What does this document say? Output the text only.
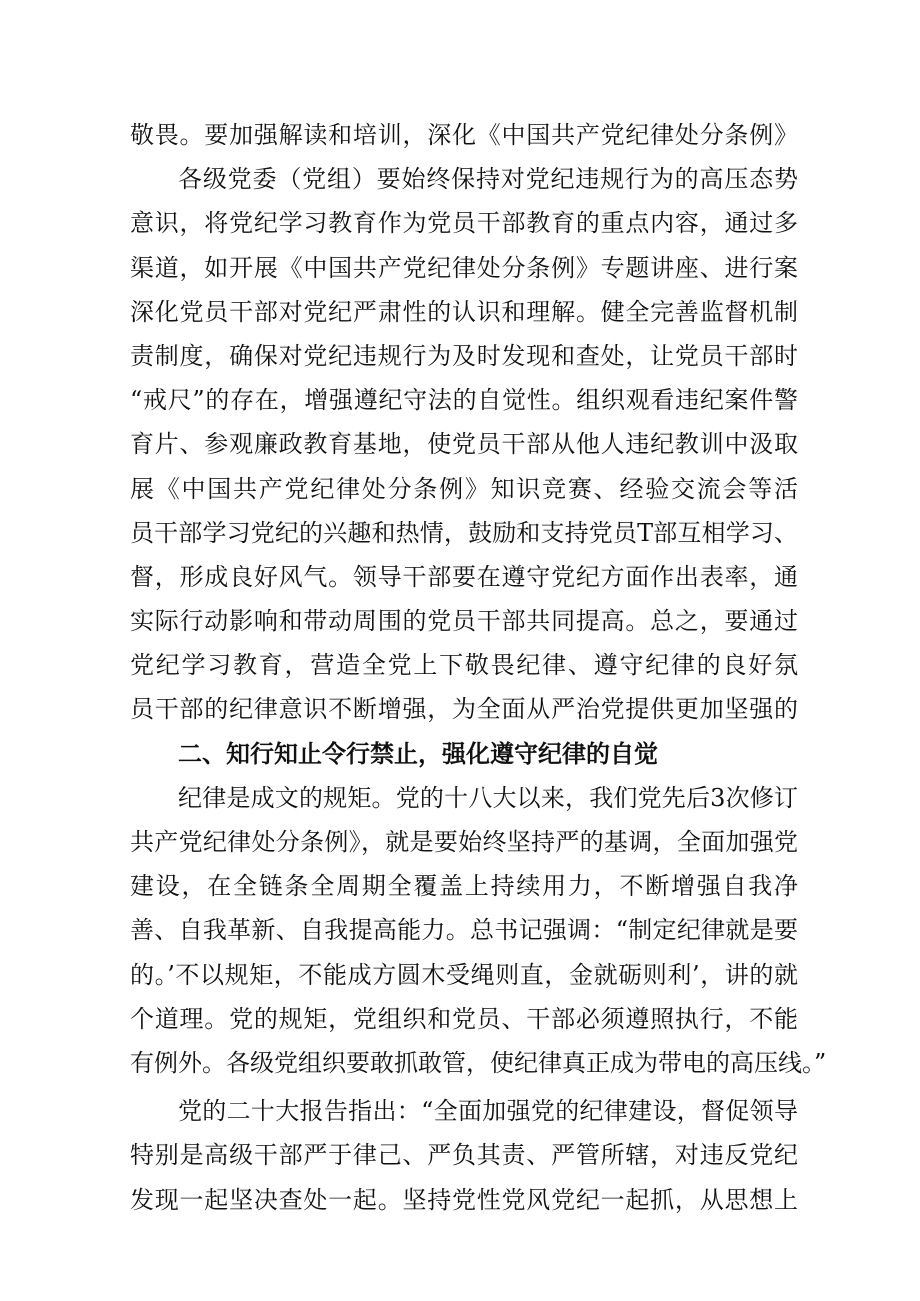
敬畏。要加强解读和培训，深化《中国共产党纪律处分条例》
各级党委（党组）要始终保持对党纪违规行为的高压态势
意识，将党纪学习教育作为党员干部教育的重点内容，通过多
渠道，如开展《中国共产党纪律处分条例》专题讲座、进行案
深化党员干部对党纪严肃性的认识和理解。健全完善监督机制
责制度，确保对党纪违规行为及时发现和查处，让党员干部时
“戒尺”的存在，增强遵纪守法的自觉性。组织观看违纪案件警
育片、参观廉政教育基地，使党员干部从他人违纪教训中汲取
展《中国共产党纪律处分条例》知识竞赛、经验交流会等活
员干部学习党纪的兴趣和热情，鼓励和支持党员T部互相学习、
督，形成良好风气。领导干部要在遵守党纪方面作出表率，通
实际行动影响和带动周围的党员干部共同提高。总之，要通过
党纪学习教育，营造全党上下敬畏纪律、遵守纪律的良好氛
员干部的纪律意识不断增强，为全面从严治党提供更加坚强的
二、知行知止令行禁止，强化遵守纪律的自觉
纪律是成文的规矩。党的十八大以来，我们党先后3次修订
共产党纪律处分条例》，就是要始终坚持严的基调，全面加强党
建设，在全链条全周期全覆盖上持续用力，不断增强自我净
善、自我革新、自我提高能力。总书记强调：“制定纪律就是要
的。’不以规矩，不能成方圆木受绳则直，金就砺则利’，讲的就
个道理。党的规矩，党组织和党员、干部必须遵照执行，不能
有例外。各级党组织要敢抓敢管，使纪律真正成为带电的高压线。”
党的二十大报告指出：“全面加强党的纪律建设，督促领导
特别是高级干部严于律己、严负其责、严管所辖，对违反党纪
发现一起坚决查处一起。坚持党性党风党纪一起抓，从思想上
